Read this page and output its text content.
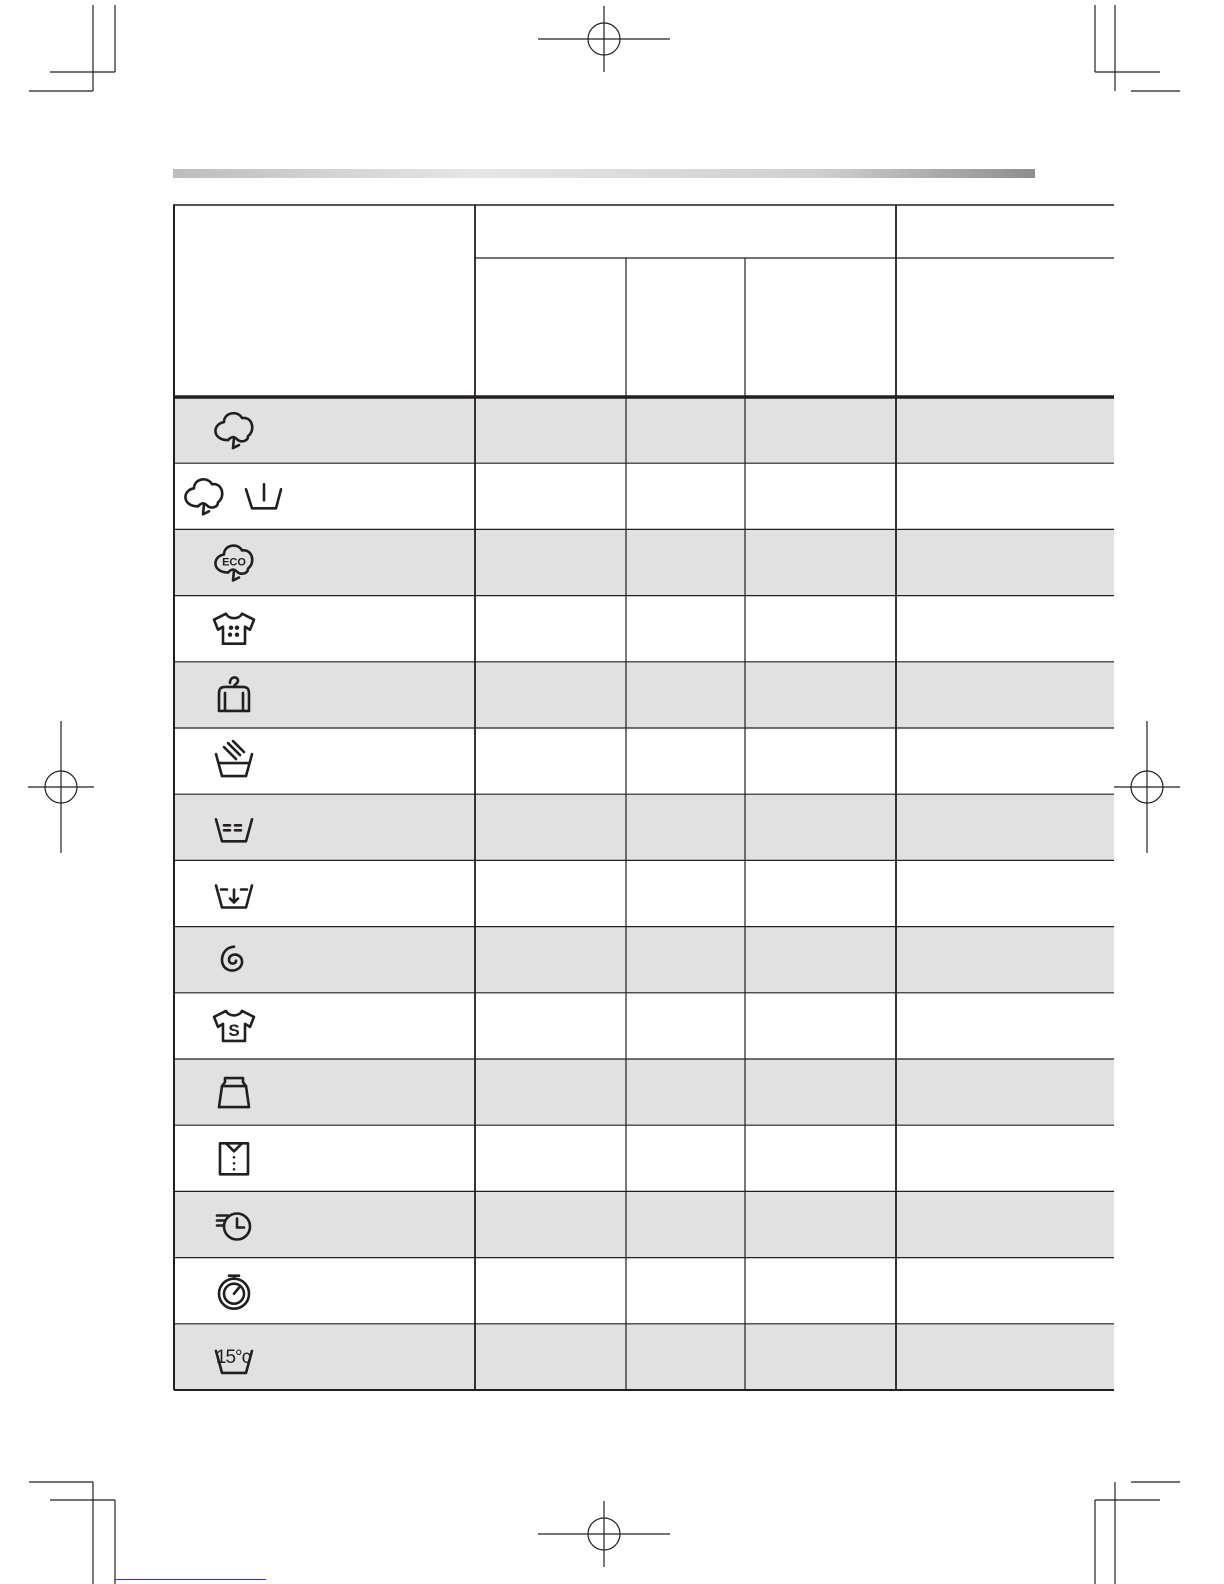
ECO
S
15°c
